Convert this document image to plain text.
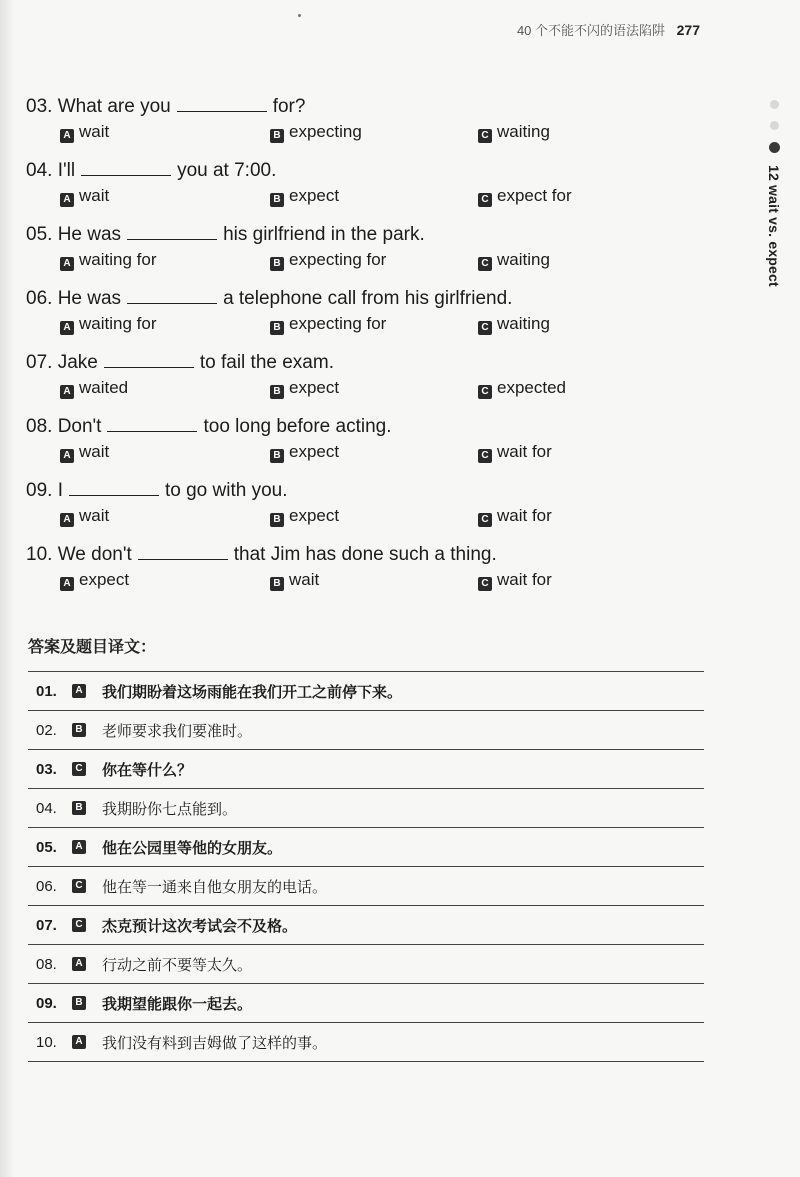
40 个不能不闪的语法陷阱 277
12 wait vs. expect
03. What are you	for?
A wait	B expecting	C waiting
04. I'll	you at 7:00.
A wait	B expect	C expect for
05. He was	his girlfriend in the park.
A waiting for	B expecting for	C waiting
06. He was	a telephone call from his girlfriend.
A waiting for	B expecting for	C waiting
07. Jake	to fail the exam.
A waited	B expect	C expected
08. Don't	too long before acting.
A wait	B expect	C wait for
09. I	to go with you.
A wait	B expect	C wait for
10. We don't	that Jim has done such a thing.
A expect	B wait	C wait for
答案及题目译文：
01.	A 我们期盼着这场雨能在我们开工之前停下来。
02.	B 老师要求我们要准时。
03.	C 你在等什么？
04.	B 我期盼你七点能到。
05.	A 他在公园里等他的女朋友。
06.	C 他在等一通来自他女朋友的电话。
07.	C 杰克预计这次考试会不及格。
08.	A 行动之前不要等太久。
09.	B 我期望能跟你一起去。
10.	A 我们没有料到吉姆做了这样的事。
